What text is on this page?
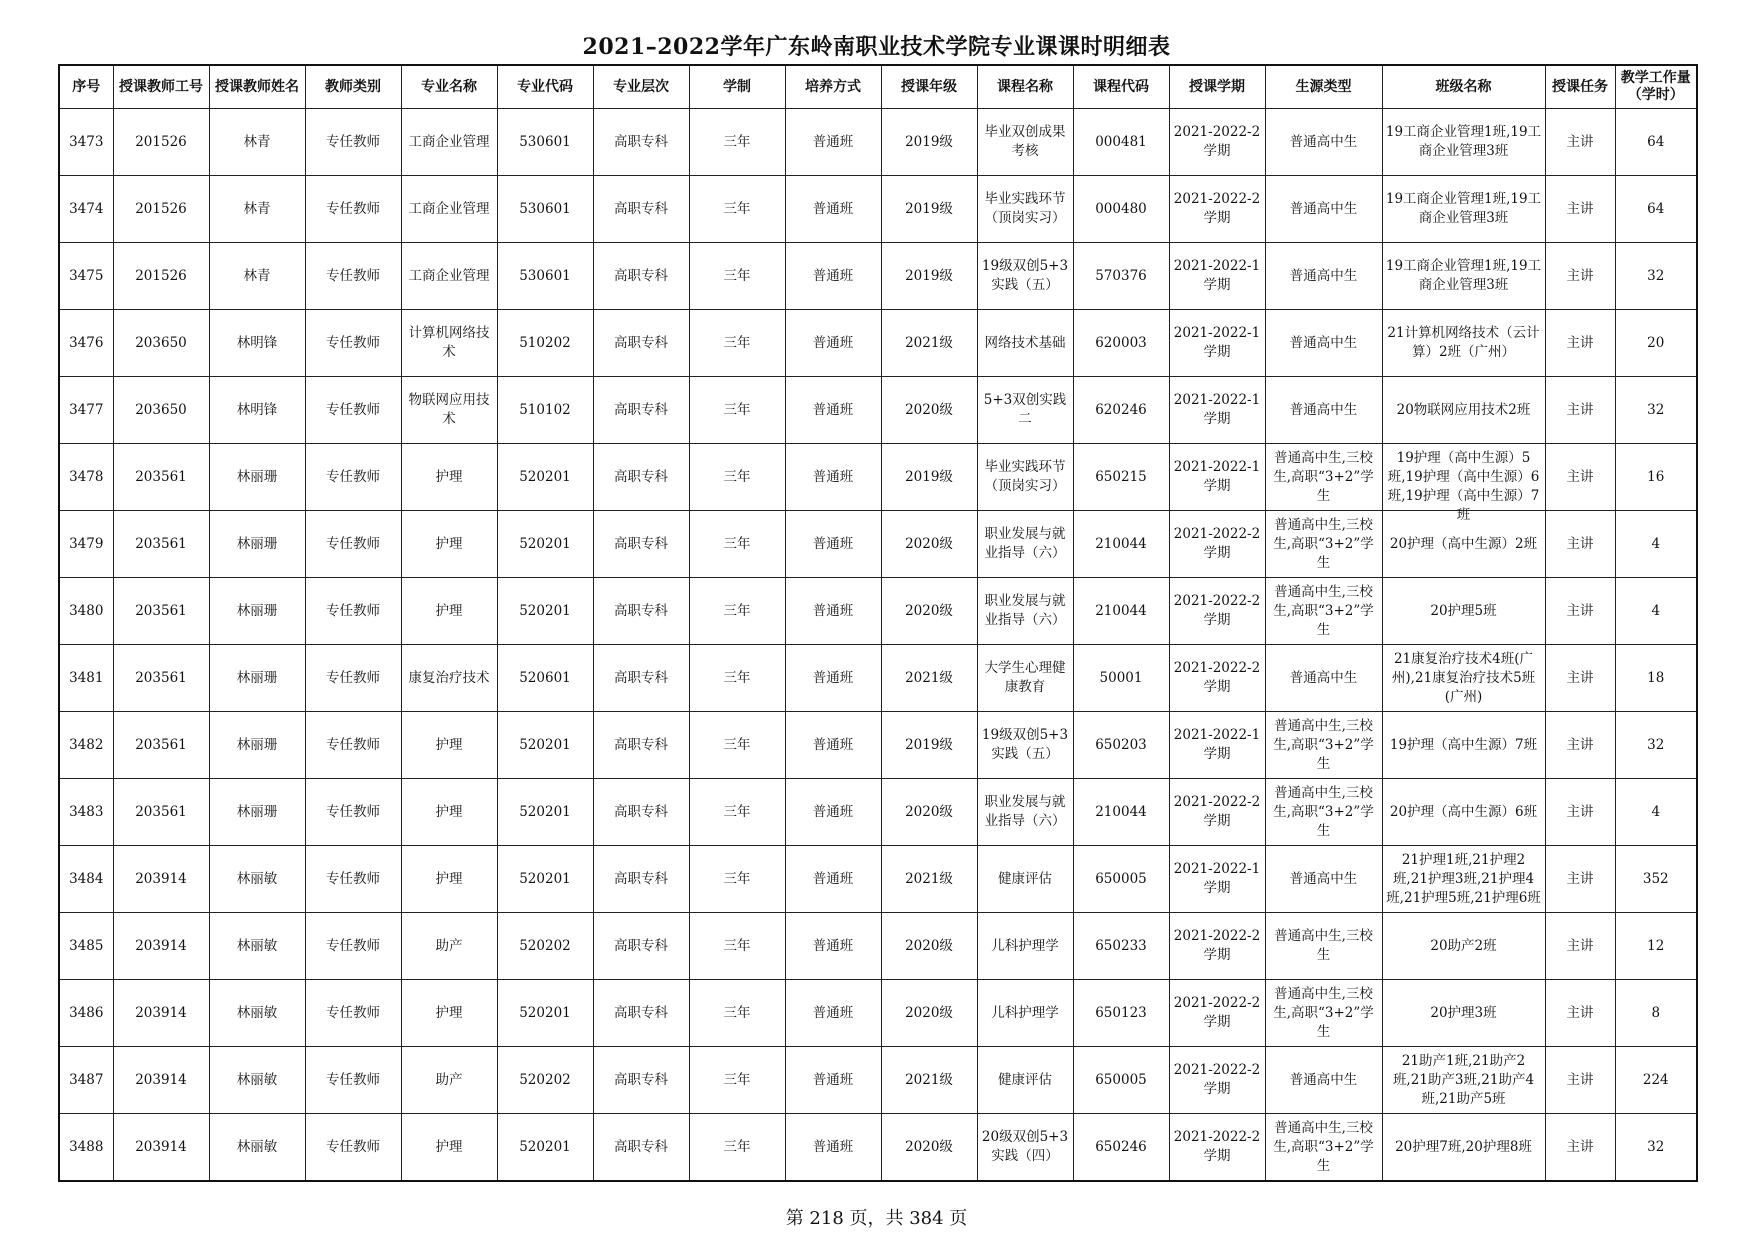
2021–2022学年广东岭南职业技术学院专业课课时明细表
序号	授课教师工号	授课教师姓名	教师类别	专业名称	专业代码	专业层次	学制	培养方式	授课年级	课程名称	课程代码	授课学期	生源类型	班级名称	授课任务	教学工作量（学时）

3473	201526	林青	专任教师	工商企业管理	530601	高职专科	三年	普通班	2019级	毕业双创成果考核	000481	2021-2022-2学期	普通高中生	19工商企业管理1班,19工商企业管理3班	主讲	64

3474	201526	林青	专任教师	工商企业管理	530601	高职专科	三年	普通班	2019级	毕业实践环节（顶岗实习）	000480	2021-2022-2学期	普通高中生	19工商企业管理1班,19工商企业管理3班	主讲	64

3475	201526	林青	专任教师	工商企业管理	530601	高职专科	三年	普通班	2019级	19级双创5+3实践（五）	570376	2021-2022-1学期	普通高中生	19工商企业管理1班,19工商企业管理3班	主讲	32

3476	203650	林明锋	专任教师	计算机网络技术	510202	高职专科	三年	普通班	2021级	网络技术基础	620003	2021-2022-1学期	普通高中生	21计算机网络技术（云计算）2班（广州）	主讲	20

3477	203650	林明锋	专任教师	物联网应用技术	510102	高职专科	三年	普通班	2020级	5+3双创实践二	620246	2021-2022-1学期	普通高中生	20物联网应用技术2班	主讲	32

3478	203561	林丽珊	专任教师	护理	520201	高职专科	三年	普通班	2019级	毕业实践环节（顶岗实习）	650215	2021-2022-1学期	普通高中生,三校生,高职“3+2”学生	19护理（高中生源）5班,19护理（高中生源）6班,19护理（高中生源）7班	主讲	16

3479	203561	林丽珊	专任教师	护理	520201	高职专科	三年	普通班	2020级	职业发展与就业指导（六）	210044	2021-2022-2学期	普通高中生,三校生,高职“3+2”学生	20护理（高中生源）2班	主讲	4

3480	203561	林丽珊	专任教师	护理	520201	高职专科	三年	普通班	2020级	职业发展与就业指导（六）	210044	2021-2022-2学期	普通高中生,三校生,高职“3+2”学生	20护理5班	主讲	4

3481	203561	林丽珊	专任教师	康复治疗技术	520601	高职专科	三年	普通班	2021级	大学生心理健康教育	50001	2021-2022-2学期	普通高中生	21康复治疗技术4班(广州),21康复治疗技术5班(广州)	主讲	18

3482	203561	林丽珊	专任教师	护理	520201	高职专科	三年	普通班	2019级	19级双创5+3实践（五）	650203	2021-2022-1学期	普通高中生,三校生,高职“3+2”学生	19护理（高中生源）7班	主讲	32

3483	203561	林丽珊	专任教师	护理	520201	高职专科	三年	普通班	2020级	职业发展与就业指导（六）	210044	2021-2022-2学期	普通高中生,三校生,高职“3+2”学生	20护理（高中生源）6班	主讲	4

3484	203914	林丽敏	专任教师	护理	520201	高职专科	三年	普通班	2021级	健康评估	650005	2021-2022-1学期	普通高中生	21护理1班,21护理2班,21护理3班,21护理4班,21护理5班,21护理6班	主讲	352

3485	203914	林丽敏	专任教师	助产	520202	高职专科	三年	普通班	2020级	儿科护理学	650233	2021-2022-2学期	普通高中生,三校生	20助产2班	主讲	12

3486	203914	林丽敏	专任教师	护理	520201	高职专科	三年	普通班	2020级	儿科护理学	650123	2021-2022-2学期	普通高中生,三校生,高职“3+2”学生	20护理3班	主讲	8

3487	203914	林丽敏	专任教师	助产	520202	高职专科	三年	普通班	2021级	健康评估	650005	2021-2022-2学期	普通高中生	21助产1班,21助产2班,21助产3班,21助产4班,21助产5班	主讲	224

3488	203914	林丽敏	专任教师	护理	520201	高职专科	三年	普通班	2020级	20级双创5+3实践（四）	650246	2021-2022-2学期	普通高中生,三校生,高职“3+2”学生	20护理7班,20护理8班	主讲	32
第 218 页，共 384 页
